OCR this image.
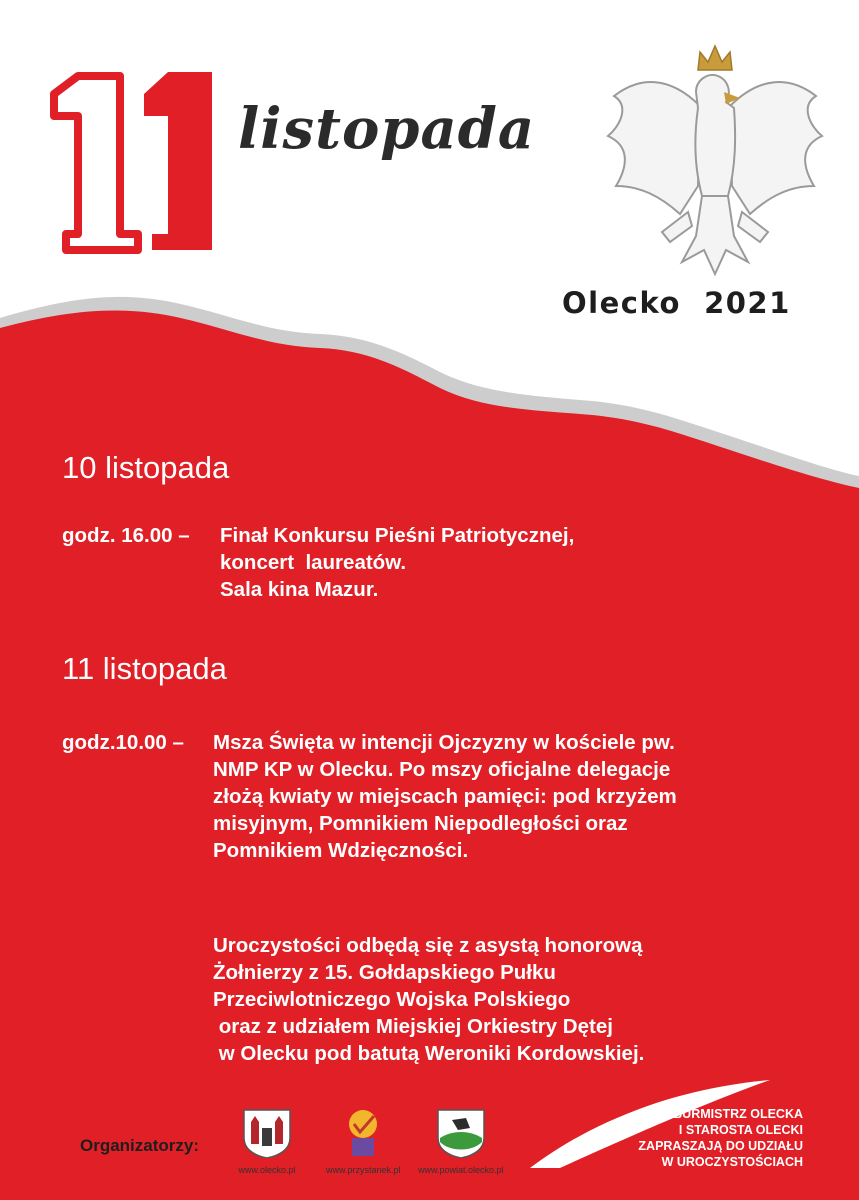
listopada
Olecko  2021
10 listopada
godz. 16.00 – Finał Konkursu Pieśni Patriotycznej,
koncert  laureatów.
Sala kina Mazur.
11 listopada
godz.10.00 – Msza Święta w intencji Ojczyzny w kościele pw.
NMP KP w Olecku. Po mszy oficjalne delegacje
złożą kwiaty w miejscach pamięci: pod krzyżem
misyjnym, Pomnikiem Niepodległości oraz
Pomnikiem Wdzięczności.
Uroczystości odbędą się z asystą honorową
Żołnierzy z 15. Gołdapskiego Pułku
Przeciwlotniczego Wojska Polskiego
oraz z udziałem Miejskiej Orkiestry Dętej
w Olecku pod batutą Weroniki Kordowskiej.
Organizatorzy:
www.olecko.pl	www.przystanek.pl www.powiat.olecko.pl
BURMISTRZ OLECKA
I STAROSTA OLECKI
ZAPRASZAJĄ DO UDZIAŁU
W UROCZYSTOŚCIACH
